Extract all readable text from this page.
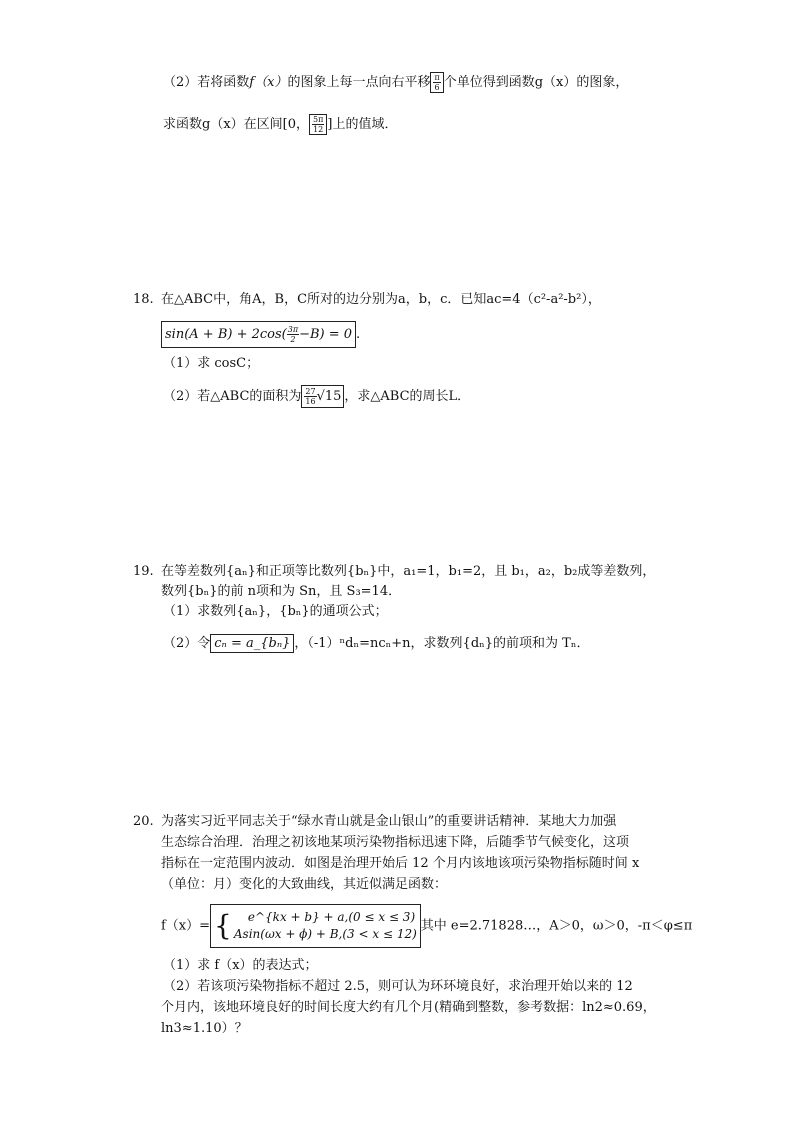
（2）若将函数f（x）的图象上每一点向右平移 $\frac{\pi}{6}$ 个单位得到函数g（x）的图象，
求函数g（x）在区间[0， $\frac{5\pi}{12}$ ]上的值域．
18. 在△ABC中，角A，B，C所对的边分别为a，b，c．已知ac=4（c²-a²-b²），
$\sin(A + B) + 2\cos( \frac{3\pi}{2} -B) = 0$ .
（1）求 cosC；
（2）若△ABC的面积为 $\frac{27}{16} √15$ ，求△ABC的周长L．
19. 在等差数列{aₙ}和正项等比数列{bₙ}中，a₁=1，b₁=2，且 b₁，a₂，b₂成等差数列，
数列{bₙ}的前 n项和为 Sn，且 S₃=14．
（1）求数列{aₙ}，{bₙ}的通项公式；
（2）令 cₙ = a_{bₙ} ，（-1）ⁿdₙ=ncₙ+n，求数列{dₙ}的前项和为 Tₙ．
20. 为落实习近平同志关于“绿水青山就是金山银山”的重要讲话精神．某地大力加强
生态综合治理．治理之初该地某项污染物指标迅速下降，后随季节气候变化，这项
指标在一定范围内波动．如图是治理开始后 12 个月内该地该项污染物指标随时间 x
（单位：月）变化的大致曲线，其近似满足函数：
f（x）= {	e^{kx + b} + a,(0 ≤ x ≤ 3)
Asin(ωx + ϕ) + B,(3 < x ≤ 12) 其中 e=2.71828…，A＞0，ω＞0，-π＜φ≤π
（1）求 f（x）的表达式；
（2）若该项污染物指标不超过 2.5，则可认为环环境良好，求治理开始以来的 12
个月内，该地环境良好的时间长度大约有几个月(精确到整数，参考数据：ln2≈0.69，
ln3≈1.10）？
